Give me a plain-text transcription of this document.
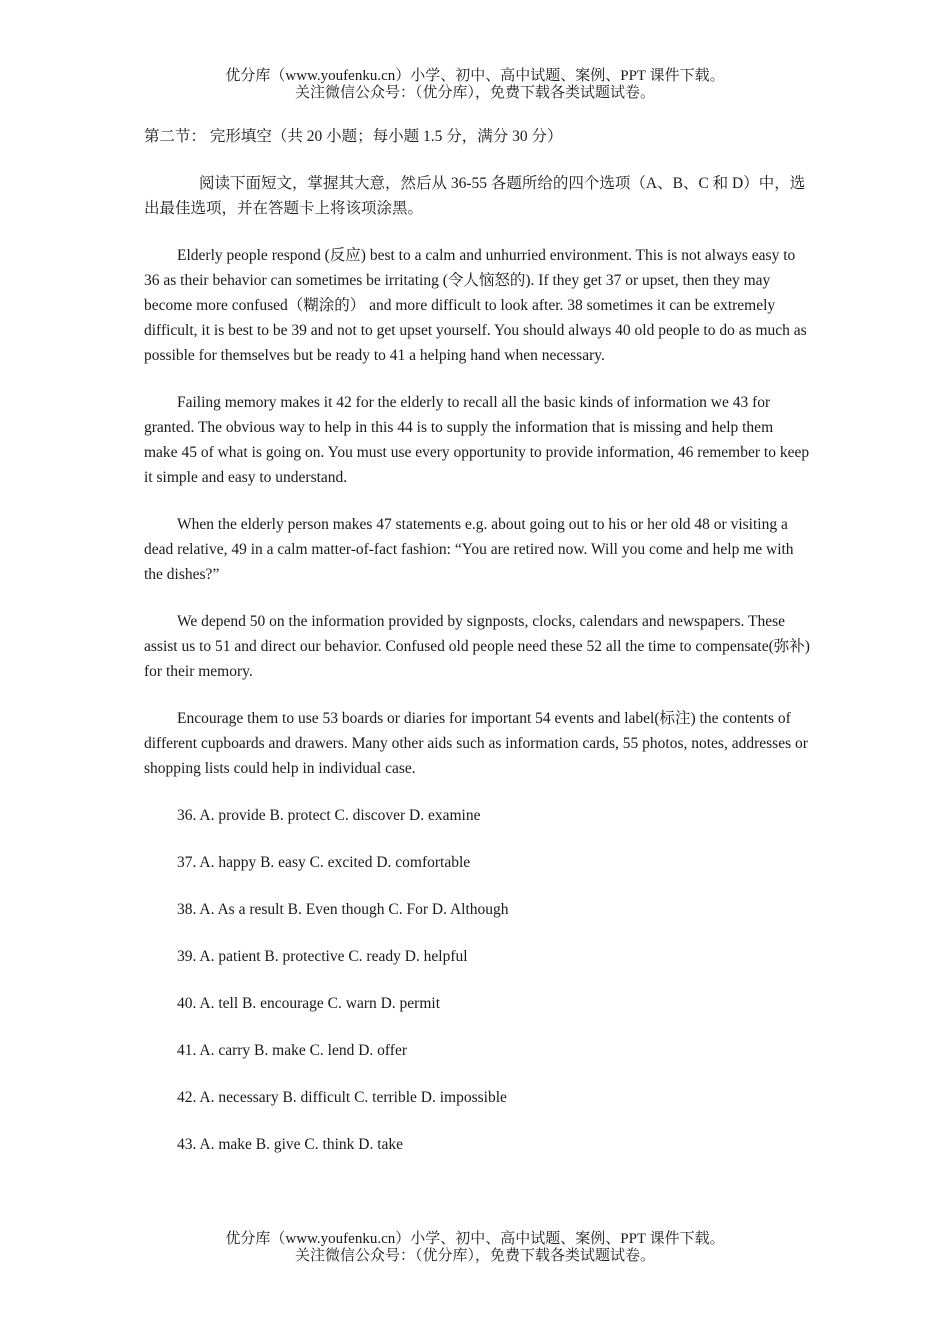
优分库（www.youfenku.cn）小学、初中、高中试题、案例、PPT 课件下载。
关注微信公众号：（优分库），免费下载各类试题试卷。

第二节： 完形填空（共 20 小题；每小题 1.5 分，满分 30 分）

阅读下面短文，掌握其大意，然后从 36-55 各题所给的四个选项（A、B、C 和 D）中，选出最佳选项，并在答题卡上将该项涂黑。

Elderly people respond (反应) best to a calm and unhurried environment. This is not always easy to 36 as their behavior can sometimes be irritating (令人恼怒的). If they get 37 or upset, then they may become more confused（糊涂的） and more difficult to look after. 38 sometimes it can be extremely difficult, it is best to be 39 and not to get upset yourself. You should always 40 old people to do as much as possible for themselves but be ready to 41 a helping hand when necessary.

Failing memory makes it 42 for the elderly to recall all the basic kinds of information we 43 for granted. The obvious way to help in this 44 is to supply the information that is missing and help them make 45 of what is going on. You must use every opportunity to provide information, 46 remember to keep it simple and easy to understand.

When the elderly person makes 47 statements e.g. about going out to his or her old 48 or visiting a dead relative, 49 in a calm matter-of-fact fashion: “You are retired now. Will you come and help me with the dishes?”

We depend 50 on the information provided by signposts, clocks, calendars and newspapers. These assist us to 51 and direct our behavior. Confused old people need these 52 all the time to compensate(弥补) for their memory.

Encourage them to use 53 boards or diaries for important 54 events and label(标注) the contents of different cupboards and drawers. Many other aids such as information cards, 55 photos, notes, addresses or shopping lists could help in individual case.

36. A. provide B. protect C. discover D. examine
37. A. happy B. easy C. excited D. comfortable
38. A. As a result B. Even though C. For D. Although
39. A. patient B. protective C. ready D. helpful
40. A. tell B. encourage C. warn D. permit
41. A. carry B. make C. lend D. offer
42. A. necessary B. difficult C. terrible D. impossible
43. A. make B. give C. think D. take
优分库（www.youfenku.cn）小学、初中、高中试题、案例、PPT 课件下载。
关注微信公众号：（优分库），免费下载各类试题试卷。
